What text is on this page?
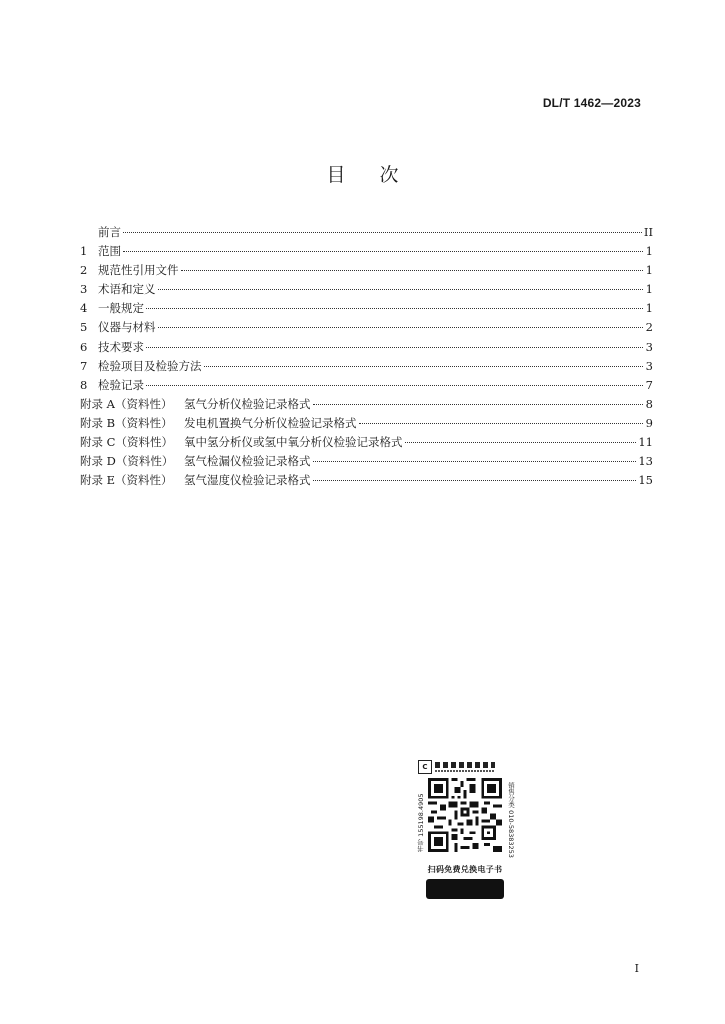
DL/T 1462—2023
目次
前言	II
1 范围	1
2 规范性引用文件	1
3 术语和定义	1
4 一般规定	1
5 仪器与材料	2
6 技术要求	3
7 检验项目及检验方法	3
8 检验记录	7
附录 A（资料性） 氢气分析仪检验记录格式	8
附录 B（资料性） 发电机置换气分析仪检验记录格式	9
附录 C（资料性） 氧中氢分析仪或氢中氧分析仪检验记录格式	11
附录 D（资料性） 氢气检漏仪检验记录格式	13
附录 E（资料性） 氢气湿度仪检验记录格式	15
C
书号 155198.4905	销售分类 010-58383253
扫码免费兑换电子书
I
